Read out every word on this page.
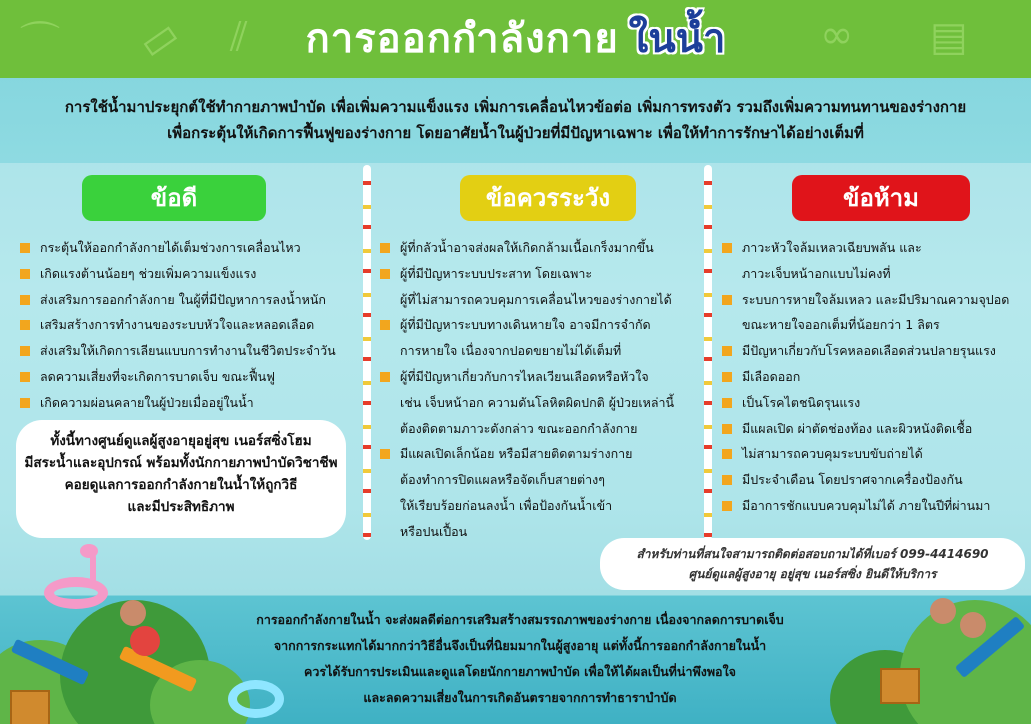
⌒ ▭ ⫽	∞ ▤
การออกกำลังกาย ในน้ำ
การใช้น้ำมาประยุกต์ใช้ทำกายภาพบำบัด เพื่อเพิ่มความแข็งแรง เพิ่มการเคลื่อนไหวข้อต่อ เพิ่มการทรงตัว รวมถึงเพิ่มความทนทานของร่างกาย
เพื่อกระตุ้นให้เกิดการฟื้นฟูของร่างกาย โดยอาศัยน้ำในผู้ป่วยที่มีปัญหาเฉพาะ เพื่อให้ทำการรักษาได้อย่างเต็มที่
ข้อดี
กระตุ้นให้ออกกำลังกายได้เต็มช่วงการเคลื่อนไหว
เกิดแรงต้านน้อยๆ ช่วยเพิ่มความแข็งแรง
ส่งเสริมการออกกำลังกาย ในผู้ที่มีปัญหาการลงน้ำหนัก
เสริมสร้างการทำงานของระบบหัวใจและหลอดเลือด
ส่งเสริมให้เกิดการเลียนแบบการทำงานในชีวิตประจำวัน
ลดความเสี่ยงที่จะเกิดการบาดเจ็บ ขณะฟื้นฟู
เกิดความผ่อนคลายในผู้ป่วยเมื่ออยู่ในน้ำ
ข้อควรระวัง
ผู้ที่กลัวน้ำอาจส่งผลให้เกิดกล้ามเนื้อเกร็งมากขึ้น
ผู้ที่มีปัญหาระบบประสาท โดยเฉพาะ
ผู้ที่ไม่สามารถควบคุมการเคลื่อนไหวของร่างกายได้
ผู้ที่มีปัญหาระบบทางเดินหายใจ อาจมีการจำกัด
การหายใจ เนื่องจากปอดขยายไม่ได้เต็มที่
ผู้ที่มีปัญหาเกี่ยวกับการไหลเวียนเลือดหรือหัวใจ
เช่น เจ็บหน้าอก ความดันโลหิตผิดปกติ ผู้ป่วยเหล่านี้
ต้องติดตามภาวะดังกล่าว ขณะออกกำลังกาย
มีแผลเปิดเล็กน้อย หรือมีสายติดตามร่างกาย
ต้องทำการปิดแผลหรือจัดเก็บสายต่างๆ
ให้เรียบร้อยก่อนลงน้ำ เพื่อป้องกันน้ำเข้า
หรือปนเปื้อน
ข้อห้าม
ภาวะหัวใจล้มเหลวเฉียบพลัน และ
ภาวะเจ็บหน้าอกแบบไม่คงที่
ระบบการหายใจล้มเหลว และมีปริมาณความจุปอด
ขณะหายใจออกเต็มที่น้อยกว่า 1 ลิตร
มีปัญหาเกี่ยวกับโรคหลอดเลือดส่วนปลายรุนแรง
มีเลือดออก
เป็นโรคไตชนิดรุนแรง
มีแผลเปิด ผ่าตัดช่องท้อง และผิวหนังติดเชื้อ
ไม่สามารถควบคุมระบบขับถ่ายได้
มีประจำเดือน โดยปราศจากเครื่องป้องกัน
มีอาการชักแบบควบคุมไม่ได้ ภายในปีที่ผ่านมา
ทั้งนี้ทางศูนย์ดูแลผู้สูงอายุอยู่สุข เนอร์สซิ่งโฮม
มีสระน้ำและอุปกรณ์ พร้อมทั้งนักกายภาพบำบัดวิชาชีพ
คอยดูแลการออกกำลังกายในน้ำให้ถูกวิธี
และมีประสิทธิภาพ
สำหรับท่านที่สนใจสามารถติดต่อสอบถามได้ที่เบอร์ 099-4414690
ศูนย์ดูแลผู้สูงอายุ อยู่สุข เนอร์สซิ่ง ยินดีให้บริการ
การออกกำลังกายในน้ำ จะส่งผลดีต่อการเสริมสร้างสมรรถภาพของร่างกาย เนื่องจากลดการบาดเจ็บ
จากการกระแทกได้มากกว่าวิธีอื่นจึงเป็นที่นิยมมากในผู้สูงอายุ แต่ทั้งนี้การออกกำลังกายในน้ำ
ควรได้รับการประเมินและดูแลโดยนักกายภาพบำบัด เพื่อให้ได้ผลเป็นที่น่าพึงพอใจ
และลดความเสี่ยงในการเกิดอันตรายจากการทำธาราบำบัด
